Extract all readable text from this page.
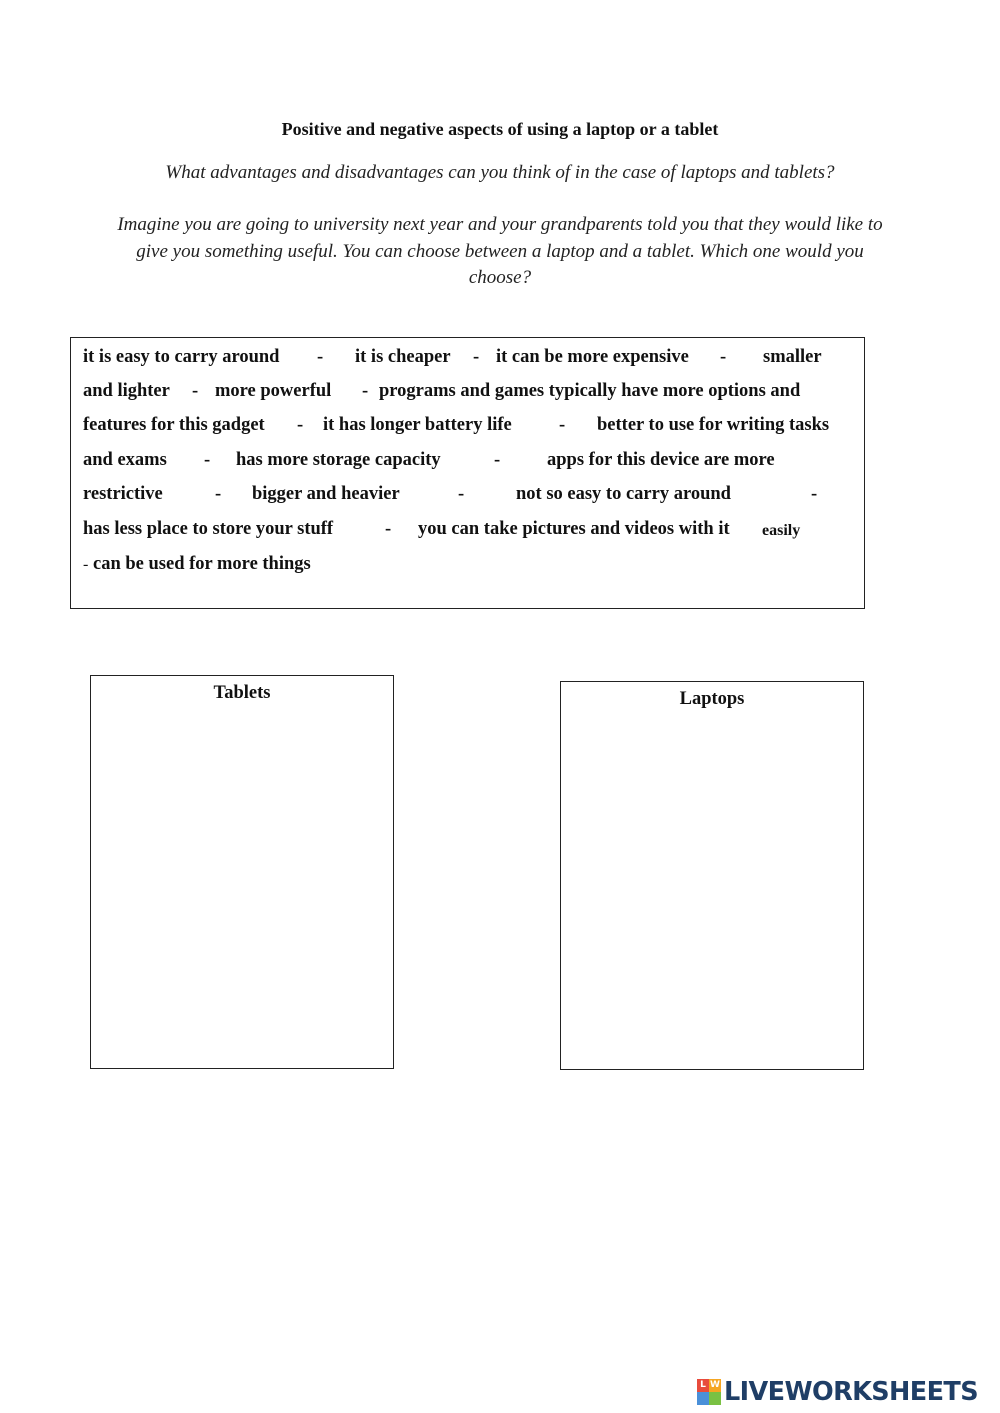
Positive and negative aspects of using a laptop or a tablet
What advantages and disadvantages can you think of in the case of laptops and tablets?
Imagine you are going to university next year and your grandparents told you that they would like to give you something useful. You can choose between a laptop and a tablet. Which one would you choose?
it is easy to carry around - it is cheaper - it can be more expensive - smaller
and lighter - more powerful - programs and games typically have more options and
features for this gadget - it has longer battery life	- better to use for writing tasks
and exams - has more storage capacity	-	apps for this device are more
restrictive	- bigger and heavier	-	not so easy to carry around	-
has less place to store your stuff	- you can take pictures and videos with it easily
- can be used for more things
Tablets	Laptops
L W LIVEWORKSHEETS
